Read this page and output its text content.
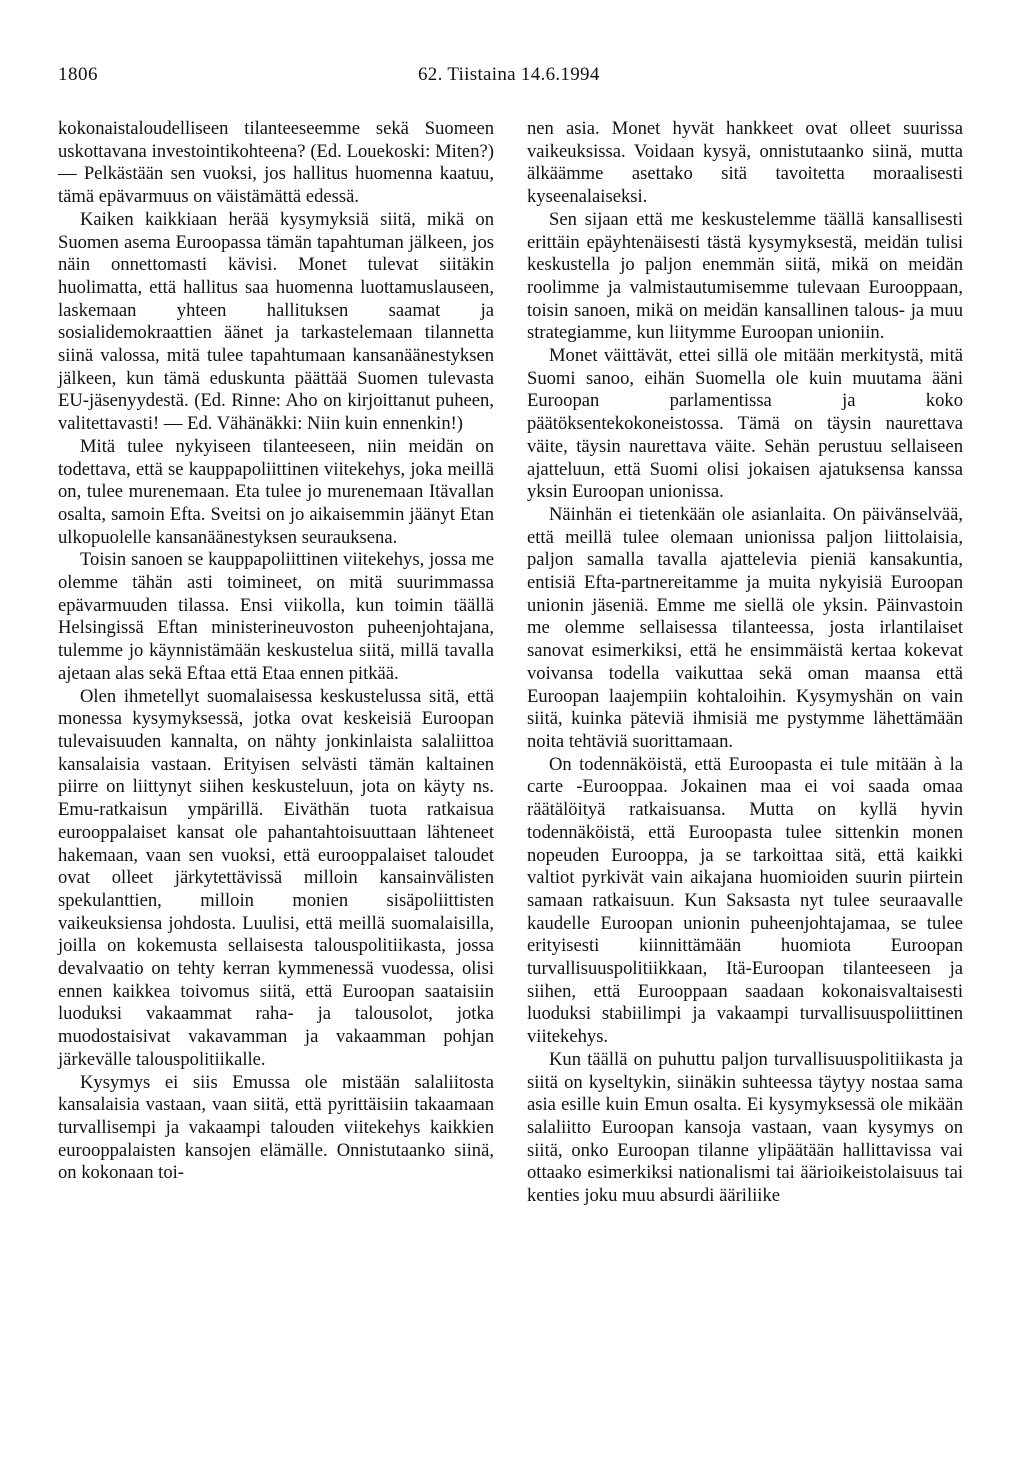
1806	62. Tiistaina 14.6.1994

kokonaistaloudelliseen tilanteeseemme sekä Suomeen uskottavana investointikohteena? (Ed. Louekoski: Miten?) — Pelkästään sen vuoksi, jos hallitus huomenna kaatuu, tämä epävarmuus on väistämättä edessä.

Kaiken kaikkiaan herää kysymyksiä siitä, mikä on Suomen asema Euroopassa tämän tapahtuman jälkeen, jos näin onnettomasti kävisi. Monet tulevat siitäkin huolimatta, että hallitus saa huomenna luottamuslauseen, laskemaan yhteen hallituksen saamat ja sosialidemokraattien äänet ja tarkastelemaan tilannetta siinä valossa, mitä tulee tapahtumaan kansanäänestyksen jälkeen, kun tämä eduskunta päättää Suomen tulevasta EU-jäsenyydestä. (Ed. Rinne: Aho on kirjoittanut puheen, valitettavasti! — Ed. Vähänäkki: Niin kuin ennenkin!)

Mitä tulee nykyiseen tilanteeseen, niin meidän on todettava, että se kauppapoliittinen viitekehys, joka meillä on, tulee murenemaan. Eta tulee jo murenemaan Itävallan osalta, samoin Efta. Sveitsi on jo aikaisemmin jäänyt Etan ulkopuolelle kansanäänestyksen seurauksena.

Toisin sanoen se kauppapoliittinen viitekehys, jossa me olemme tähän asti toimineet, on mitä suurimmassa epävarmuuden tilassa. Ensi viikolla, kun toimin täällä Helsingissä Eftan ministerineuvoston puheenjohtajana, tulemme jo käynnistämään keskustelua siitä, millä tavalla ajetaan alas sekä Eftaa että Etaa ennen pitkää.

Olen ihmetellyt suomalaisessa keskustelussa sitä, että monessa kysymyksessä, jotka ovat keskeisiä Euroopan tulevaisuuden kannalta, on nähty jonkinlaista salaliittoa kansalaisia vastaan. Erityisen selvästi tämän kaltainen piirre on liittynyt siihen keskusteluun, jota on käyty ns. Emu-ratkaisun ympärillä. Eiväthän tuota ratkaisua eurooppalaiset kansat ole pahantahtoisuuttaan lähteneet hakemaan, vaan sen vuoksi, että eurooppalaiset taloudet ovat olleet järkytettävissä milloin kansainvälisten spekulanttien, milloin monien sisäpoliittisten vaikeuksiensa johdosta. Luulisi, että meillä suomalaisilla, joilla on kokemusta sellaisesta talouspolitiikasta, jossa devalvaatio on tehty kerran kymmenessä vuodessa, olisi ennen kaikkea toivomus siitä, että Euroopan saataisiin luoduksi vakaammat raha- ja talousolot, jotka muodostaisivat vakavamman ja vakaamman pohjan järkevälle talouspolitiikalle.

Kysymys ei siis Emussa ole mistään salaliitosta kansalaisia vastaan, vaan siitä, että pyrittäisiin takaamaan turvallisempi ja vakaampi talouden viitekehys kaikkien eurooppalaisten kansojen elämälle. Onnistutaanko siinä, on kokonaan toi-

nen asia. Monet hyvät hankkeet ovat olleet suurissa vaikeuksissa. Voidaan kysyä, onnistutaanko siinä, mutta älkäämme asettako sitä tavoitetta moraalisesti kyseenalaiseksi.

Sen sijaan että me keskustelemme täällä kansallisesti erittäin epäyhtenäisesti tästä kysymyksestä, meidän tulisi keskustella jo paljon enemmän siitä, mikä on meidän roolimme ja valmistautumisemme tulevaan Eurooppaan, toisin sanoen, mikä on meidän kansallinen talous- ja muu strategiamme, kun liitymme Euroopan unioniin.

Monet väittävät, ettei sillä ole mitään merkitystä, mitä Suomi sanoo, eihän Suomella ole kuin muutama ääni Euroopan parlamentissa ja koko päätöksentekokoneistossa. Tämä on täysin naurettava väite, täysin naurettava väite. Sehän perustuu sellaiseen ajatteluun, että Suomi olisi jokaisen ajatuksensa kanssa yksin Euroopan unionissa.

Näinhän ei tietenkään ole asianlaita. On päivänselvää, että meillä tulee olemaan unionissa paljon liittolaisia, paljon samalla tavalla ajattelevia pieniä kansakuntia, entisiä Efta-partnereitamme ja muita nykyisiä Euroopan unionin jäseniä. Emme me siellä ole yksin. Päinvastoin me olemme sellaisessa tilanteessa, josta irlantilaiset sanovat esimerkiksi, että he ensimmäistä kertaa kokevat voivansa todella vaikuttaa sekä oman maansa että Euroopan laajempiin kohtaloihin. Kysymyshän on vain siitä, kuinka päteviä ihmisiä me pystymme lähettämään noita tehtäviä suorittamaan.

On todennäköistä, että Euroopasta ei tule mitään à la carte -Eurooppaa. Jokainen maa ei voi saada omaa räätälöityä ratkaisuansa. Mutta on kyllä hyvin todennäköistä, että Euroopasta tulee sittenkin monen nopeuden Eurooppa, ja se tarkoittaa sitä, että kaikki valtiot pyrkivät vain aikajana huomioiden suurin piirtein samaan ratkaisuun. Kun Saksasta nyt tulee seuraavalle kaudelle Euroopan unionin puheenjohtajamaa, se tulee erityisesti kiinnittämään huomiota Euroopan turvallisuuspolitiikkaan, Itä-Euroopan tilanteeseen ja siihen, että Eurooppaan saadaan kokonaisvaltaisesti luoduksi stabiilimpi ja vakaampi turvallisuuspoliittinen viitekehys.

Kun täällä on puhuttu paljon turvallisuuspolitiikasta ja siitä on kyseltykin, siinäkin suhteessa täytyy nostaa sama asia esille kuin Emun osalta. Ei kysymyksessä ole mikään salaliitto Euroopan kansoja vastaan, vaan kysymys on siitä, onko Euroopan tilanne ylipäätään hallittavissa vai ottaako esimerkiksi nationalismi tai äärioikeistolaisuus tai kenties joku muu absurdi ääriliike
